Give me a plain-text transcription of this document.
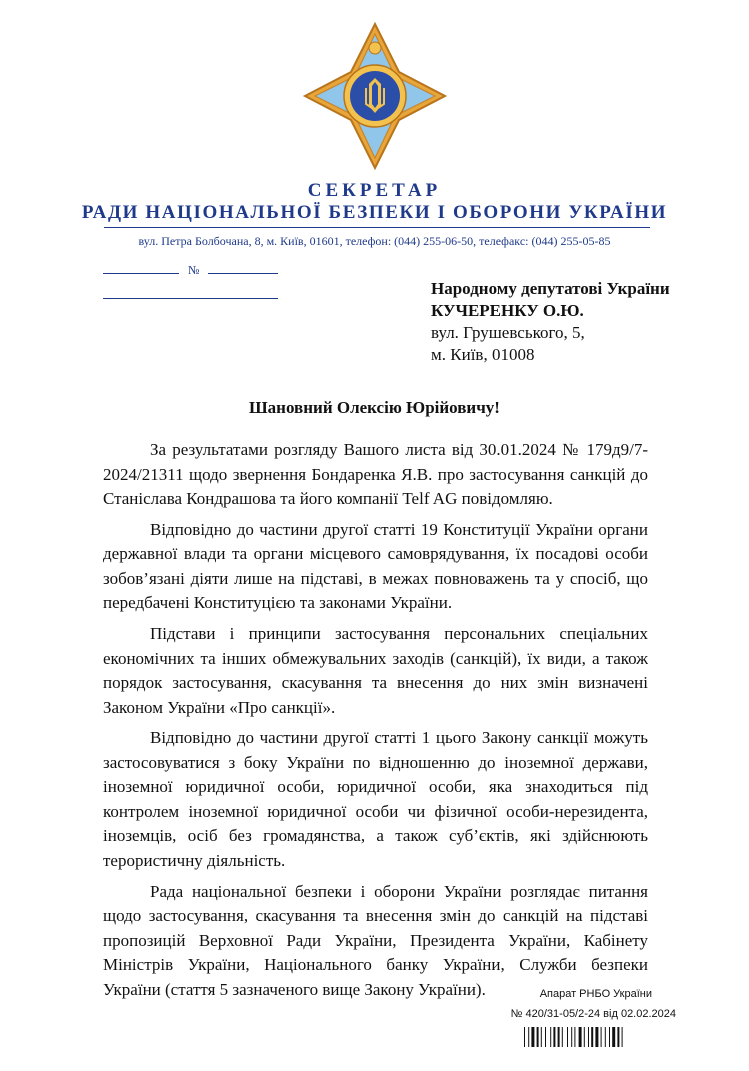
СЕКРЕТАР
РАДИ НАЦІОНАЛЬНОЇ БЕЗПЕКИ І ОБОРОНИ УКРАЇНИ
вул. Петра Болбочана, 8, м. Київ, 01601, телефон: (044) 255-06-50, телефакс: (044) 255-05-85
№
Народному депутатові України
КУЧЕРЕНКУ О.Ю.
вул. Грушевського, 5,
м. Київ, 01008
Шановний Олексію Юрійовичу!

За результатами розгляду Вашого листа від 30.01.2024 № 179д9/7-2024/21311 щодо звернення Бондаренка Я.В. про застосування санкцій до Станіслава Кондрашова та його компанії Telf AG повідомляю.

Відповідно до частини другої статті 19 Конституції України органи державної влади та органи місцевого самоврядування, їх посадові особи зобов’язані діяти лише на підставі, в межах повноважень та у спосіб, що передбачені Конституцією та законами України.

Підстави і принципи застосування персональних спеціальних економічних та інших обмежувальних заходів (санкцій), їх види, а також порядок застосування, скасування та внесення до них змін визначені Законом України «Про санкції».

Відповідно до частини другої статті 1 цього Закону санкції можуть застосовуватися з боку України по відношенню до іноземної держави, іноземної юридичної особи, юридичної особи, яка знаходиться під контролем іноземної юридичної особи чи фізичної особи-нерезидента, іноземців, осіб без громадянства, а також суб’єктів, які здійснюють терористичну діяльність.

Рада національної безпеки і оборони України розглядає питання щодо застосування, скасування та внесення змін до санкцій на підставі пропозицій Верховної Ради України, Президента України, Кабінету Міністрів України, Національного банку України, Служби безпеки України (стаття 5 зазначеного вище Закону України).	Апарат РНБО України
№ 420/31-05/2-24 від 02.02.2024
